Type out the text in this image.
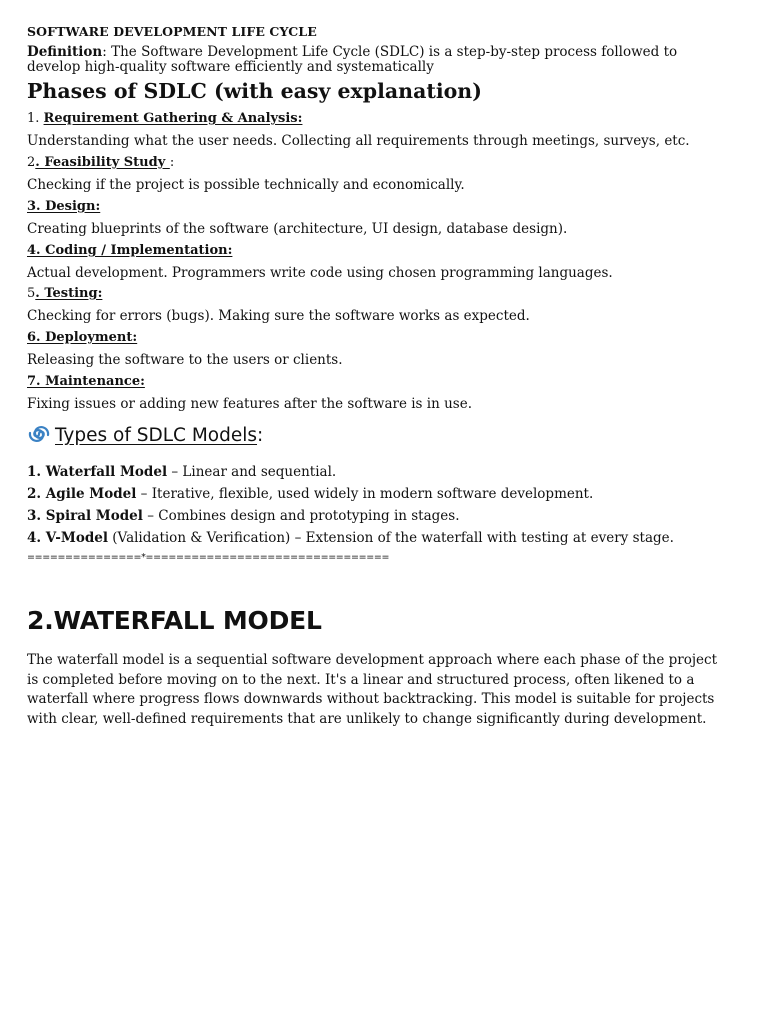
SOFTWARE DEVELOPMENT LIFE CYCLE
Definition: The Software Development Life Cycle (SDLC) is a step-by-step process followed to develop high-quality software efficiently and systematically
Phases of SDLC (with easy explanation)
1. Requirement Gathering & Analysis:
Understanding what the user needs. Collecting all requirements through meetings, surveys, etc.
2. Feasibility Study :
Checking if the project is possible technically and economically.
3. Design:
Creating blueprints of the software (architecture, UI design, database design).
4. Coding / Implementation:
Actual development. Programmers write code using chosen programming languages.
5. Testing:
Checking for errors (bugs). Making sure the software works as expected.
6. Deployment:
Releasing the software to the users or clients.
7. Maintenance:
Fixing issues or adding new features after the software is in use.
Types of SDLC Models:
1. Waterfall Model – Linear and sequential.
2. Agile Model – Iterative, flexible, used widely in modern software development.
3. Spiral Model – Combines design and prototyping in stages.
4. V-Model (Validation & Verification) – Extension of the waterfall with testing at every stage.
===============*================================
2.WATERFALL MODEL
The waterfall model is a sequential software development approach where each phase of the project is completed before moving on to the next. It's a linear and structured process, often likened to a waterfall where progress flows downwards without backtracking. This model is suitable for projects with clear, well-defined requirements that are unlikely to change significantly during development.
